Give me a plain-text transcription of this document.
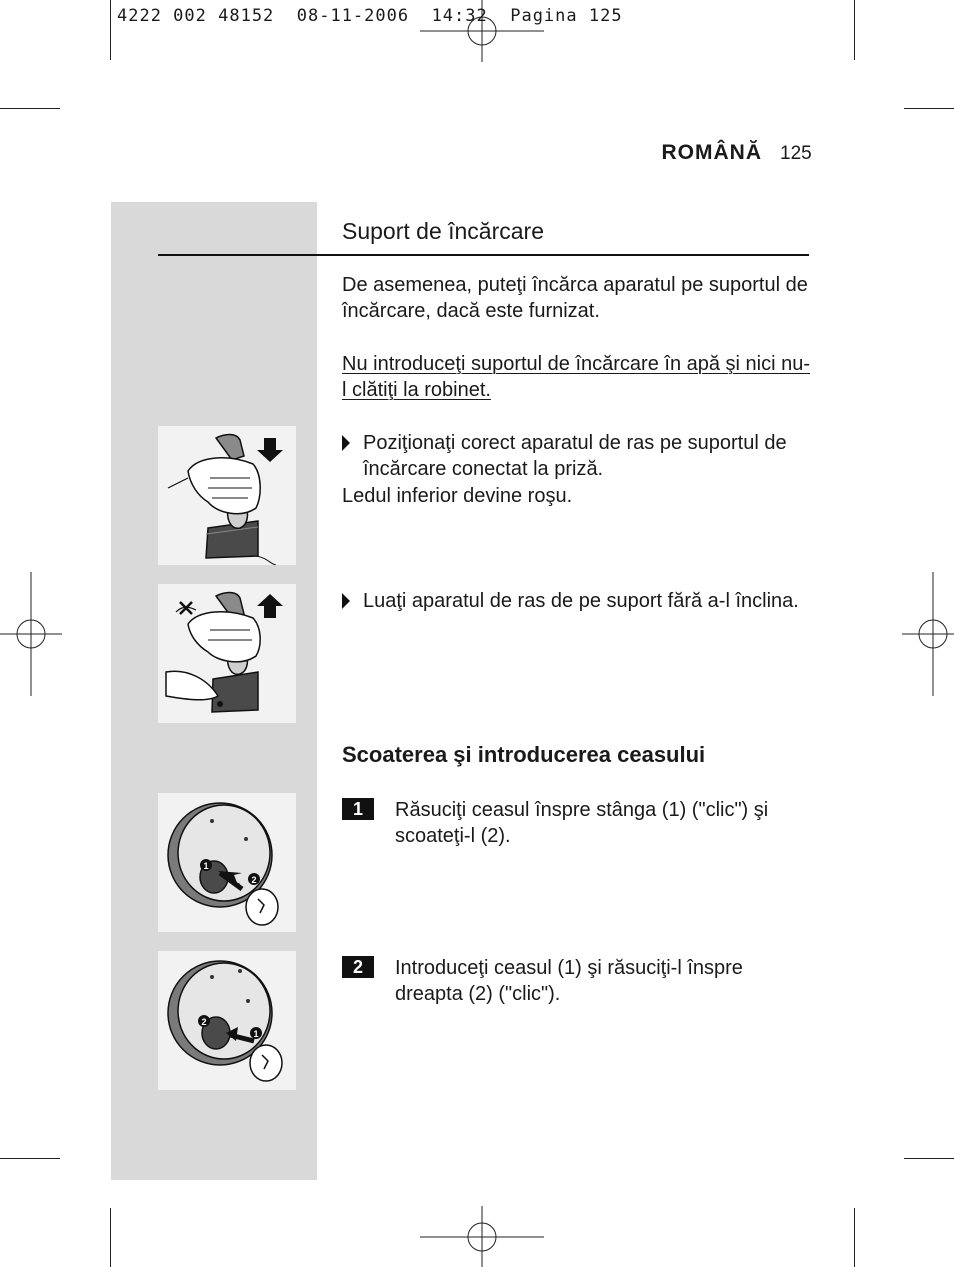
4222 002 48152  08-11-2006  14:32  Pagina 125
ROMÂNĂ 125
Suport de încărcare
De asemenea, puteţi încărca aparatul pe suportul de încărcare, dacă este furnizat.
Nu introduceţi suportul de încărcare în apă şi nici nu-l clătiţi la robinet.
Poziţionaţi corect aparatul de ras pe suportul de încărcare conectat la priză.
Ledul inferior devine roşu.
Luaţi aparatul de ras de pe suport fără a-l înclina.
Scoaterea şi introducerea ceasului
1	Răsuciţi ceasul înspre stânga (1) ("clic") şi scoateţi-l (2).
2	Introduceţi ceasul (1) şi răsuciţi-l înspre dreapta (2) ("clic").
1
2
2
1
